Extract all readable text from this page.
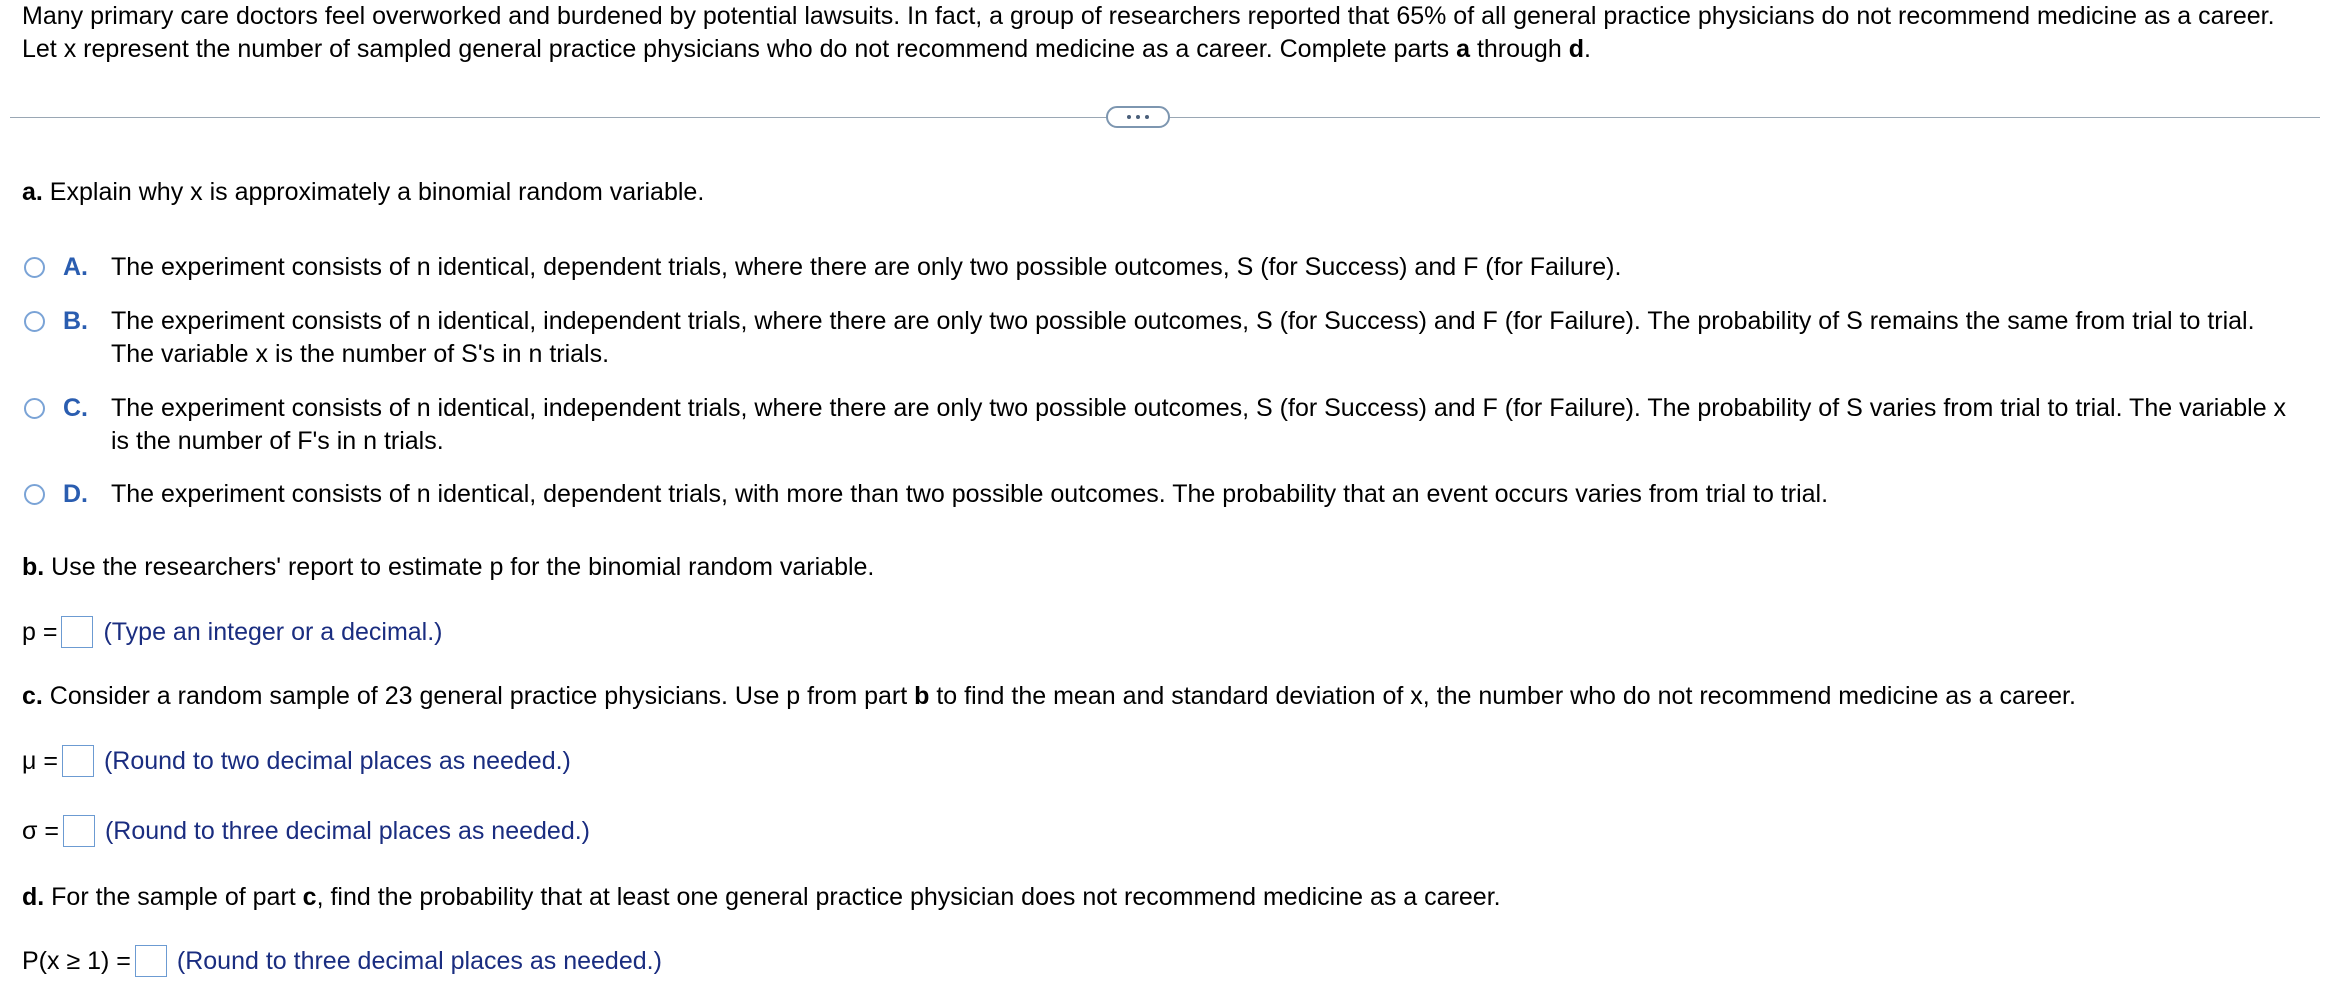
Many primary care doctors feel overworked and burdened by potential lawsuits. In fact, a group of researchers reported that 65% of all general practice physicians do not recommend medicine as a career. Let x represent the number of sampled general practice physicians who do not recommend medicine as a career. Complete parts a through d.

a. Explain why x is approximately a binomial random variable.

A. The experiment consists of n identical, dependent trials, where there are only two possible outcomes, S (for Success) and F (for Failure).
B. The experiment consists of n identical, independent trials, where there are only two possible outcomes, S (for Success) and F (for Failure). The probability of S remains the same from trial to trial. The variable x is the number of S's in n trials.
C. The experiment consists of n identical, independent trials, where there are only two possible outcomes, S (for Success) and F (for Failure). The probability of S varies from trial to trial. The variable x is the number of F's in n trials.
D. The experiment consists of n identical, dependent trials, with more than two possible outcomes. The probability that an event occurs varies from trial to trial.

b. Use the researchers' report to estimate p for the binomial random variable.

p = (Type an integer or a decimal.)

c. Consider a random sample of 23 general practice physicians. Use p from part b to find the mean and standard deviation of x, the number who do not recommend medicine as a career.

μ = (Round to two decimal places as needed.)
σ = (Round to three decimal places as needed.)

d. For the sample of part c, find the probability that at least one general practice physician does not recommend medicine as a career.

P(x ≥ 1) = (Round to three decimal places as needed.)
